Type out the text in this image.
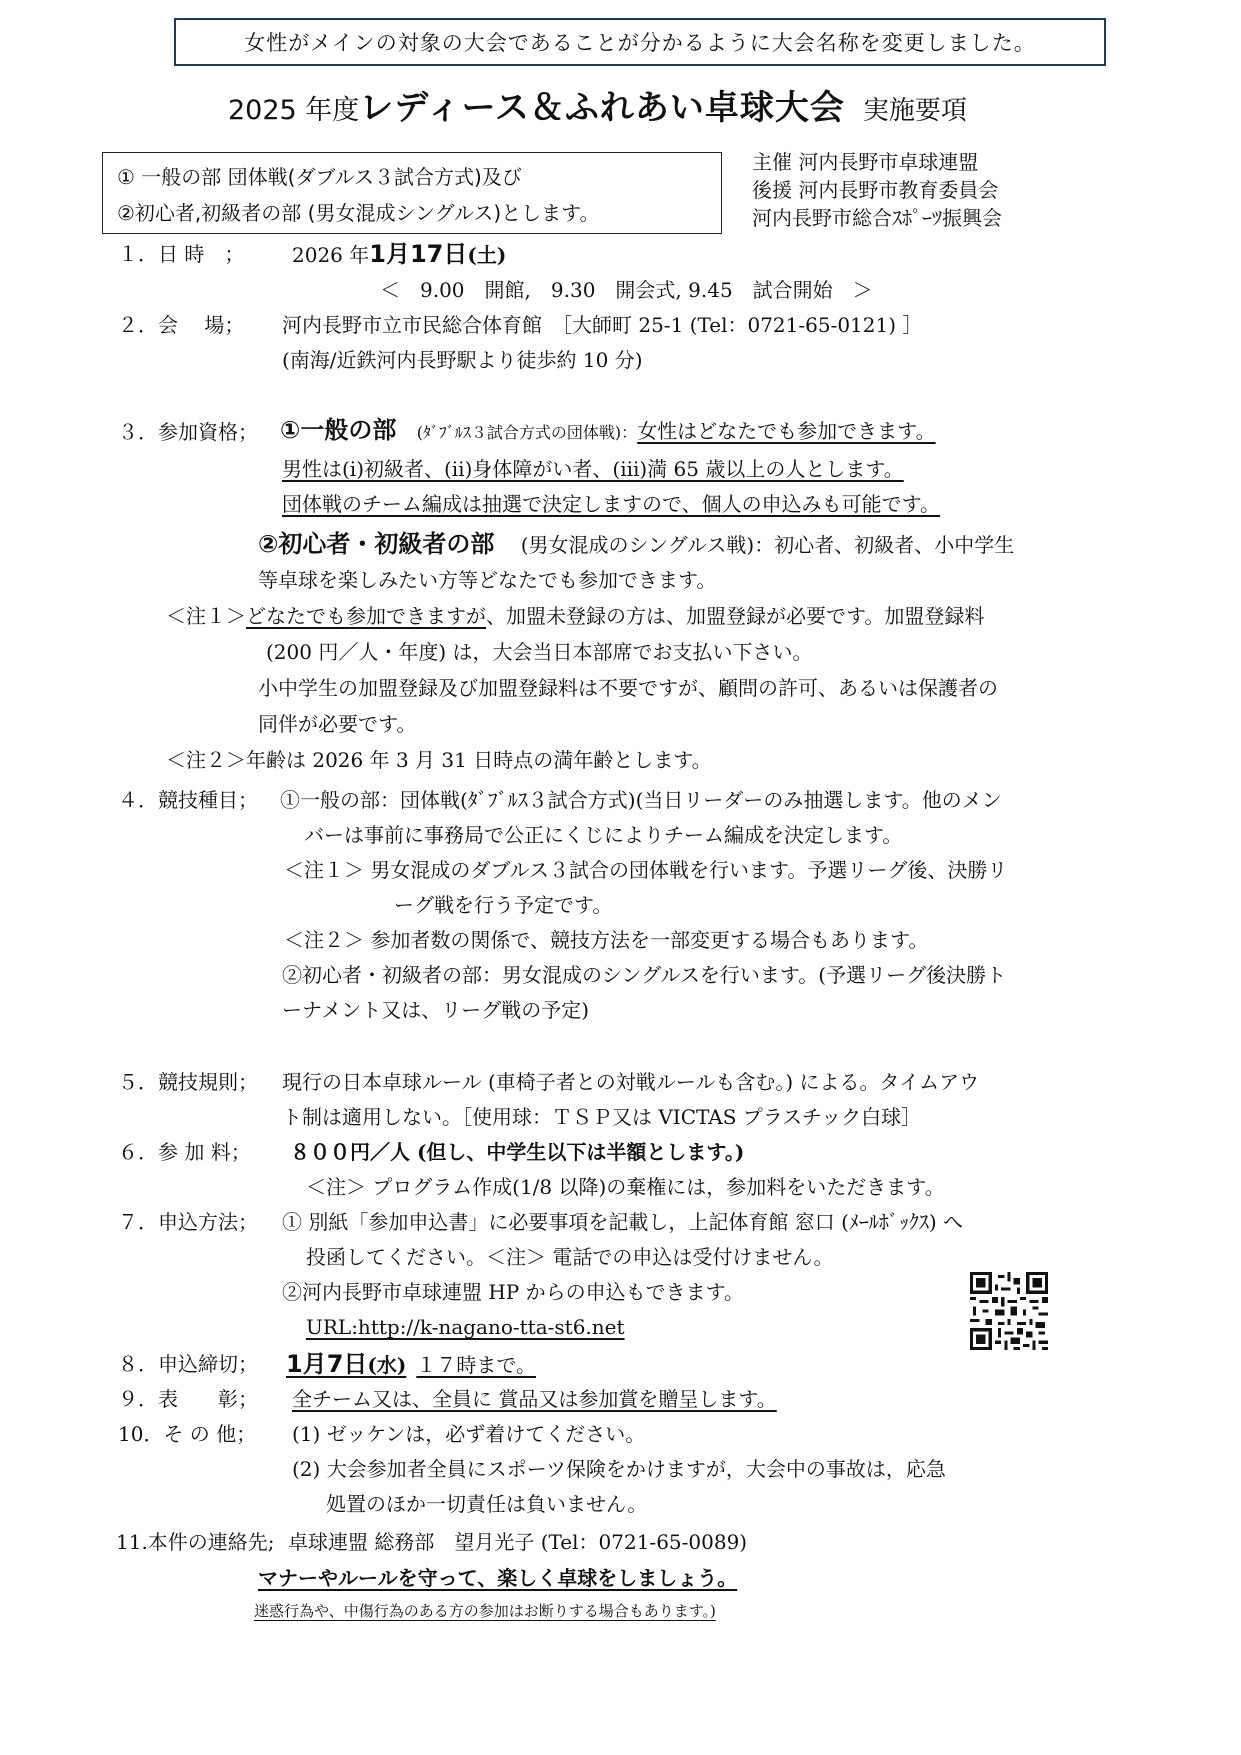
女性がメインの対象の大会であることが分かるように大会名称を変更しました。
2025 年度レディース＆ふれあい卓球大会 実施要項
① 一般の部 団体戦(ダブルス３試合方式)及び
②初心者,初級者の部 (男女混成シングルス)とします。
主催 河内長野市卓球連盟
後援 河内長野市教育委員会
河内長野市総合ｽﾎﾟｰﾂ振興会
１．日 時　； 2026 年1月17日(土)
＜　9.00　開館,　9.30　開会式, 9.45　試合開始　＞
２．会　 場； 河内長野市立市民総合体育館　［大師町 25-1 (Tel：0721-65-0121) ］
(南海/近鉄河内長野駅より徒歩約 10 分)
３．参加資格； ①一般の部 (ﾀﾞﾌﾞﾙｽ３試合方式の団体戦)：女性はどなたでも参加できます。
男性は(ⅰ)初級者、(ⅱ)身体障がい者、(ⅲ)満 65 歳以上の人とします。
団体戦のチーム編成は抽選で決定しますので、個人の申込みも可能です。
②初心者・初級者の部 (男女混成のシングルス戦)：初心者、初級者、小中学生
等卓球を楽しみたい方等どなたでも参加できます。
＜注１＞どなたでも参加できますが、加盟未登録の方は、加盟登録が必要です。加盟登録料
(200 円／人・年度) は，大会当日本部席でお支払い下さい。
小中学生の加盟登録及び加盟登録料は不要ですが、顧問の許可、あるいは保護者の
同伴が必要です。
＜注２＞年齢は 2026 年 3 月 31 日時点の満年齢とします。
４．競技種目； ①一般の部：団体戦(ﾀﾞﾌﾞﾙｽ３試合方式)(当日リーダーのみ抽選します。他のメン
バーは事前に事務局で公正にくじによりチーム編成を決定します。
＜注１＞ 男女混成のダブルス３試合の団体戦を行います。予選リーグ後、決勝リ
ーグ戦を行う予定です。
＜注２＞ 参加者数の関係で、競技方法を一部変更する場合もあります。
②初心者・初級者の部：男女混成のシングルスを行います。(予選リーグ後決勝ト
ーナメント又は、リーグ戦の予定)
５．競技規則； 現行の日本卓球ルール (車椅子者との対戦ルールも含む。) による。タイムアウ
ト制は適用しない。［使用球：ＴＳＰ又は VICTAS プラスチック白球］
６．参 加 料； ８００円／人 (但し、中学生以下は半額とします。)
＜注＞ プログラム作成(1/8 以降)の棄権には，参加料をいただきます。
７．申込方法； ① 別紙「参加申込書」に必要事項を記載し，上記体育館 窓口 (ﾒｰﾙﾎﾞｯｸｽ) へ
投函してください。＜注＞ 電話での申込は受付けません。
②河内長野市卓球連盟 HP からの申込もできます。
URL:http://k-nagano-tta-st6.net
８．申込締切； 1月7日(水) １７時まで。
９．表　　彰； 全チーム又は、全員に 賞品又は参加賞を贈呈します。
10．そ の 他； (1) ゼッケンは，必ず着けてください。
(2) 大会参加者全員にスポーツ保険をかけますが，大会中の事故は，応急
処置のほか一切責任は負いません。
11.本件の連絡先; 卓球連盟 総務部　望月光子 (Tel：0721-65-0089)
マナーやルールを守って、楽しく卓球をしましょう。
迷惑行為や、中傷行為のある方の参加はお断りする場合もあります。)
